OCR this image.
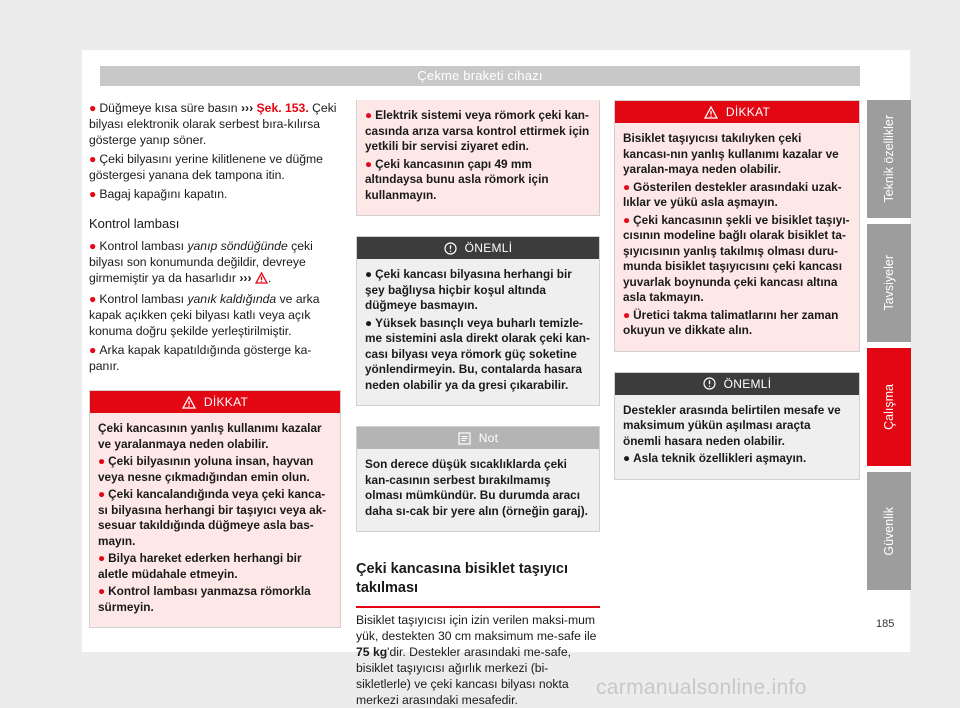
Çekme braketi cihazı

● Düğmeye kısa süre basın ››› Şek. 153. Çeki bilyası elektronik olarak serbest bıra-kılırsa gösterge yanıp söner.

● Çeki bilyasını yerine kilitlenene ve düğme göstergesi yanana dek tampona itin.

● Bagaj kapağını kapatın.

Kontrol lambası

● Kontrol lambası yanıp söndüğünde çeki bilyası son konumunda değildir, devreye girmemiştir ya da hasarlıdır ››› .

● Kontrol lambası yanık kaldığında ve arka kapak açıkken çeki bilyası katlı veya açık konuma doğru şekilde yerleştirilmiştir.

● Arka kapak kapatıldığında gösterge ka-panır.

DİKKAT

Çeki kancasının yanlış kullanımı kazalar ve yaralanmaya neden olabilir.

● Çeki bilyasının yoluna insan, hayvan veya nesne çıkmadığından emin olun.

● Çeki kancalandığında veya çeki kanca-sı bilyasına herhangi bir taşıyıcı veya ak-sesuar takıldığında düğmeye asla bas-mayın.

● Bilya hareket ederken herhangi bir aletle müdahale etmeyin.

● Kontrol lambası yanmazsa römorkla sürmeyin.

● Elektrik sistemi veya römork çeki kan-casında arıza varsa kontrol ettirmek için yetkili bir servisi ziyaret edin.

● Çeki kancasının çapı 49 mm altındaysa bunu asla römork için kullanmayın.

ÖNEMLİ

● Çeki kancası bilyasına herhangi bir şey bağlıysa hiçbir koşul altında düğmeye basmayın.

● Yüksek basınçlı veya buharlı temizle-me sistemini asla direkt olarak çeki kan-cası bilyası veya römork güç soketine yönlendirmeyin. Bu, contalarda hasara neden olabilir ya da gresi çıkarabilir.

Not

Son derece düşük sıcaklıklarda çeki kan-casının serbest bırakılmamış olması mümkündür. Bu durumda aracı daha sı-cak bir yere alın (örneğin garaj).

Çeki kancasına bisiklet taşıyıcı takılması

Bisiklet taşıyıcısı için izin verilen maksi-mum yük, destekten 30 cm maksimum me-safe ile 75 kg'dir. Destekler arasındaki me-safe, bisiklet taşıyıcısı ağırlık merkezi (bi-sikletlerle) ve çeki kancası bilyası nokta merkezi arasındaki mesafedir.

DİKKAT

Bisiklet taşıyıcısı takılıyken çeki kancası-nın yanlış kullanımı kazalar ve yaralan-maya neden olabilir.

● Gösterilen destekler arasındaki uzak-lıklar ve yükü asla aşmayın.

● Çeki kancasının şekli ve bisiklet taşıyı-cısının modeline bağlı olarak bisiklet ta-şıyıcısının yanlış takılmış olması duru-munda bisiklet taşıyıcısını çeki kancası yuvarlak boynunda çeki kancası altına asla takmayın.

● Üretici takma talimatlarını her zaman okuyun ve dikkate alın.

ÖNEMLİ

Destekler arasında belirtilen mesafe ve maksimum yükün aşılması araçta önemli hasara neden olabilir.

● Asla teknik özellikleri aşmayın.

Teknik özellikler
Tavsiyeler
Çalışma
Güvenlik
185
carmanualsonline.info
